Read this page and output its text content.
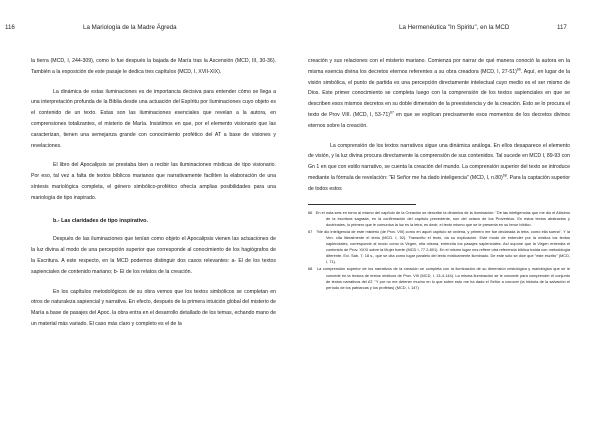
116	La Mariología de la Madre Ágreda

la tierra (MCD, I, 244-309), como lo fue después la bajada de María tras la Ascensión (MCD, III, 30-36). También a la exposición de este pasaje le dedica tres capítulos (MCD, I, XVII-XIX).

La dinámica de estas iluminaciones es de importancia decisiva para entender cómo se llega a una interpretación profunda de la Biblia desde una actuación del Espíritu por iluminaciones cuyo objeto es el contenido de un texto. Estas son las iluminaciones esenciales que revelan a la autora, en comprensiones totalizantes, el misterio de María. Insistimos en que, por el elemento visionario que las caracterizan, tienen una semejanza grande con conocimiento profético del AT a base de visiones y revelaciones.

El libro del Apocalipsis se prestaba bien a recibir las iluminaciones místicas de tipo visionario. Por eso, tal vez a falta de textos bíblicos marianos que narrativamente faciliten la elaboración de una síntesis mariológica completa, el género simbólico-profético ofrecía amplias posibilidades para una mariología de tipo inspirado.

b.- Las claridades de tipo inspirativo.

Después de las iluminaciones que tenían como objeto el Apocalipsis vienen las actuaciones de la luz divina al modo de una percepción superior que corresponde al conocimiento de los hagiógrafos de la Escritura. A este respecto, en la MCD podemos distinguir dos casos relevantes: a- El de los textos sapienciales de contenido mariano; b- El de los relatos de la creación.

En los capítulos metodológicos de su obra vemos que los textos simbólicos se completan en otros de naturaleza sapiencial y narrativa. En efecto, después de la primera intuición global del misterio de María a base de pasajes del Apoc. la obra entra en el desarrollo detallado de los temas, echando mano de un material más variado. El caso más claro y completo es el de la

La Hermenéutica "In Spiritu", en la MCD	117

creación y sus relaciones con el misterio mariano. Comienza por narrar de qué manera conoció la autora en la misma esencia divina los decretos eternos referentes a su obra creadora (MCD, I, 27-51)$^{66}$. Aquí, en lugar de la visión simbólica, el punto de partida es una percepción directamente intelectual cuyo medio es el ser mismo de Dios. Este primer conocimiento se completa luego con la comprensión de los textos sapienciales en que se describen esos mismos decretos en su doble dimensión de la preexistencia y de la creación. Esto se lo procura el texto de Prov VIII. (MCD, I, 53-71)$^{67}$ en que se explican precisamente esos momentos de los decretos divinos eternos sobre la creación.

La comprensión de los textos narrativos sigue una dinámica análoga. En ellos desaparece el elemento de visión, y la luz divina procura directamente la comprensión de sus contenidos. Tal sucede en MCD I, 89-93 con Gn 1 en que con estilo narrativo, se cuenta la creación del mundo. La comprensión superior del texto se introduce mediante la fórmula de revelación: "El Señor me ha dado inteligencia" (MCD, I, n.80)$^{68}$. Para la captación superior de todos estos

66 En el nota seis en torno al mismo del capítulo de la Creación se describe la dinámica de la iluminación: "De las inteligencias que me dio el Altísimo de la escritura sagrada, en la confirmación del capítulo precedente, son del octavo de los Proverbios. En estos textos abstractos y doctrinales, lo primero que le comunica la luz es la letra, es decir, el texto mismo que se le presenta en su tenor bíblico.

67 "Me dio inteligencia de este misterio (de Prov. VIII) como en aquel capítulo se ordena, y primero me fue declarada la letra, como ella suena". Y la Ven. cita literalmente el texto (MCD. I, 52). Transcrito el texto, da su explicación. Este modo de entender por la mística los textos sapienciales, corresponde al modo como la Virgen, ella misma, entendía los pasajes sapienciales. Así supone que la Virgen entendía el contenido de Prov. XXXI sobre la Mujer fuerte (MCD I, 77 2-801). En el mismo lugar nos refiere otra referencia bíblica traída con metodología diferente. Ecl. Sab. 7, 18 s., que se cita como lugar paralelo del texto místicamente iluminado. De este sólo se dice que "este escrito" (MCD, I, 71).

68 La comprensión superior de los narrativos de la creación se completa con la iluminación de su dimensión cristológica y mariológica que se le concede en la lectura de textos místicos de Prov. VIII (MCD, I, 13-4-144). La misma iluminación se le concede para comprender el conjunto de textos narrativos del AT. "Y por no me detener mucho en lo que sobre esto me ha dado el Señor a conocer (la historia de la salvación el período de los patriarcas y los profetas) (MCD, I, 147)
